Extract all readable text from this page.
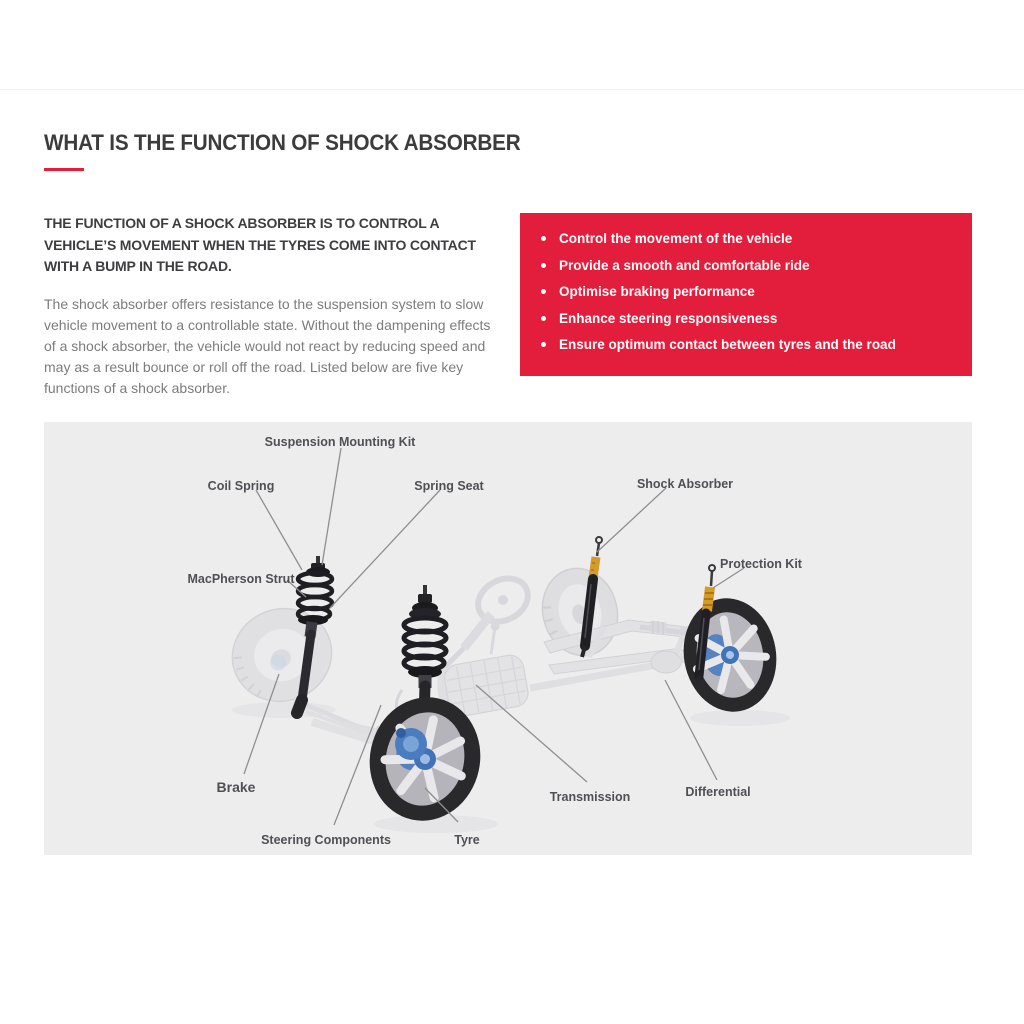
WHAT IS THE FUNCTION OF SHOCK ABSORBER

THE FUNCTION OF A SHOCK ABSORBER IS TO CONTROL A VEHICLE’S MOVEMENT WHEN THE TYRES COME INTO CONTACT WITH A BUMP IN THE ROAD.

The shock absorber offers resistance to the suspension system to slow vehicle movement to a controllable state. Without the dampening effects of a shock absorber, the vehicle would not react by reducing speed and may as a result bounce or roll off the road. Listed below are five key functions of a shock absorber.

Control the movement of the vehicle
Provide a smooth and comfortable ride
Optimise braking performance
Enhance steering responsiveness
Ensure optimum contact between tyres and the road
Suspension Mounting Kit
Coil Spring	Spring Seat	Shock Absorber
Protection Kit
MacPherson Strut
Brake
Steering Components	Tyre
Transmission	Differential
